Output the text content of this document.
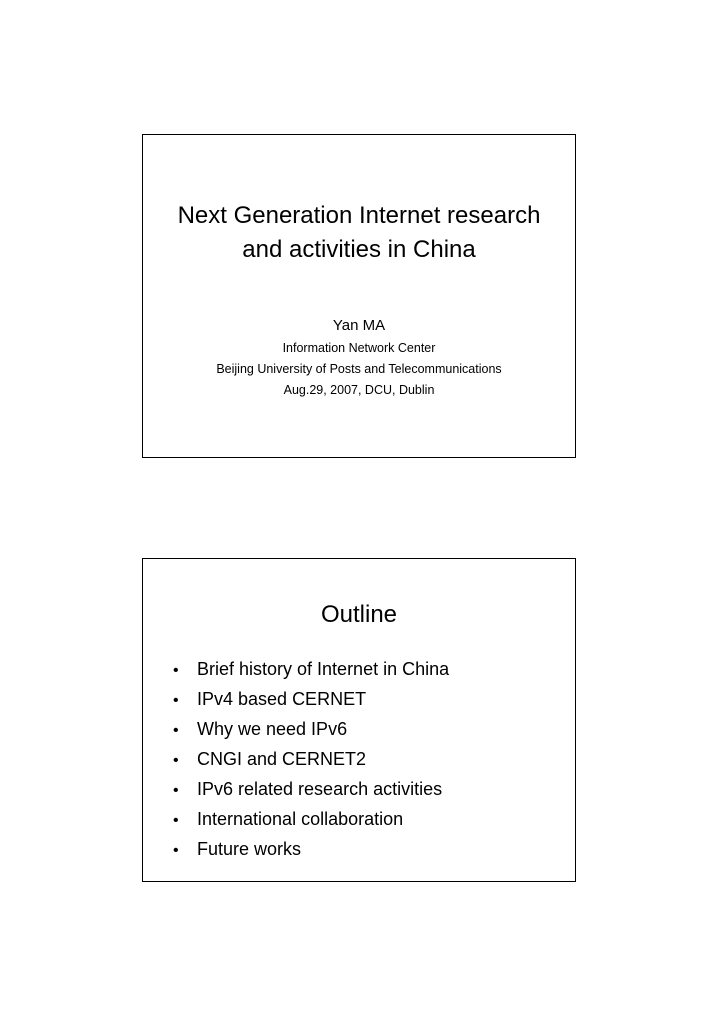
Next Generation Internet research

and activities in China

Yan MA
Information Network Center
Beijing University of Posts and Telecommunications
Aug.29, 2007, DCU, Dublin
Outline
• Brief history of Internet in China
• IPv4 based CERNET
• Why we need IPv6
• CNGI and CERNET2
• IPv6 related research activities
• International collaboration
• Future works
